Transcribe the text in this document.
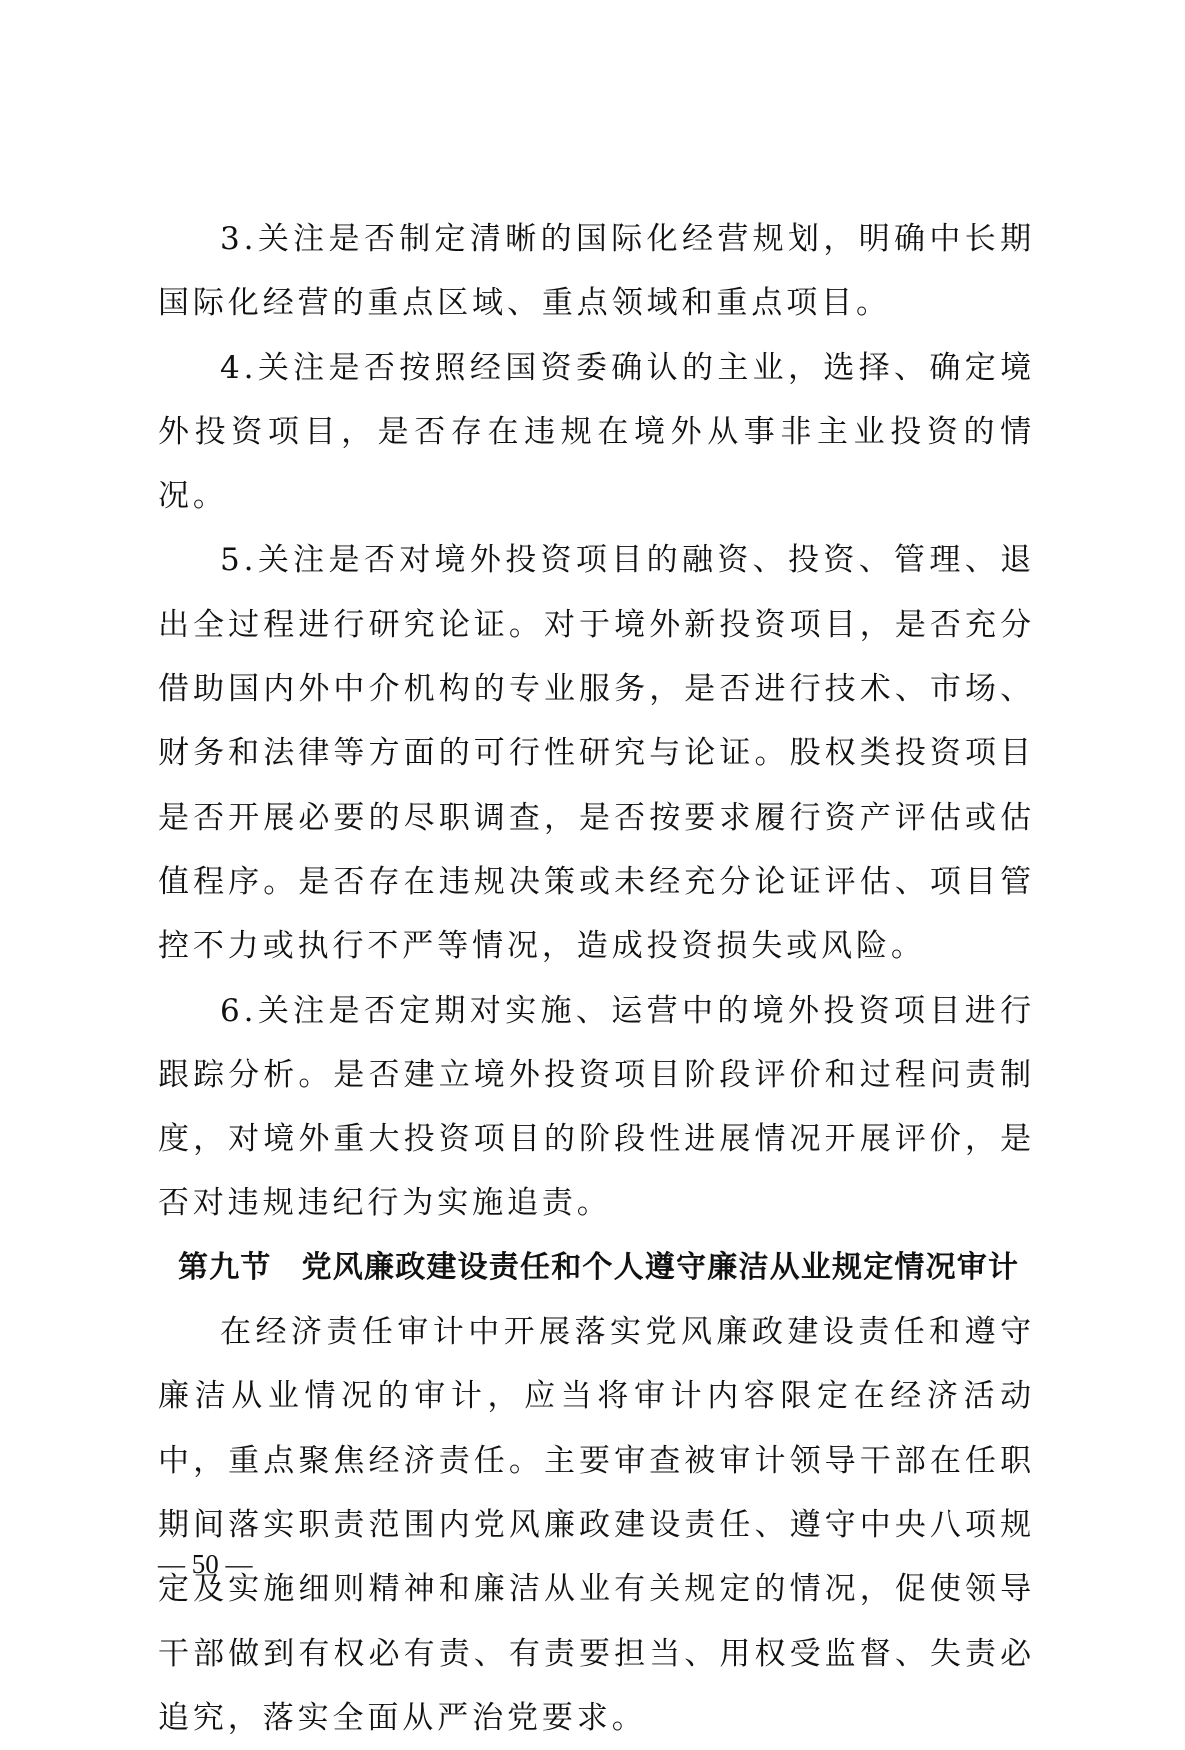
3.关注是否制定清晰的国际化经营规划，明确中长期国际化经营的重点区域、重点领域和重点项目。

4.关注是否按照经国资委确认的主业，选择、确定境外投资项目，是否存在违规在境外从事非主业投资的情况。

5.关注是否对境外投资项目的融资、投资、管理、退出全过程进行研究论证。对于境外新投资项目，是否充分借助国内外中介机构的专业服务，是否进行技术、市场、财务和法律等方面的可行性研究与论证。股权类投资项目是否开展必要的尽职调查，是否按要求履行资产评估或估值程序。是否存在违规决策或未经充分论证评估、项目管控不力或执行不严等情况，造成投资损失或风险。

6.关注是否定期对实施、运营中的境外投资项目进行跟踪分析。是否建立境外投资项目阶段评价和过程问责制度，对境外重大投资项目的阶段性进展情况开展评价，是否对违规违纪行为实施追责。

第九节 党风廉政建设责任和个人遵守廉洁从业规定情况审计

在经济责任审计中开展落实党风廉政建设责任和遵守廉洁从业情况的审计，应当将审计内容限定在经济活动中，重点聚焦经济责任。主要审查被审计领导干部在任职期间落实职责范围内党风廉政建设责任、遵守中央八项规定及实施细则精神和廉洁从业有关规定的情况，促使领导干部做到有权必有责、有责要担当、用权受监督、失责必追究，落实全面从严治党要求。

— 50 —
